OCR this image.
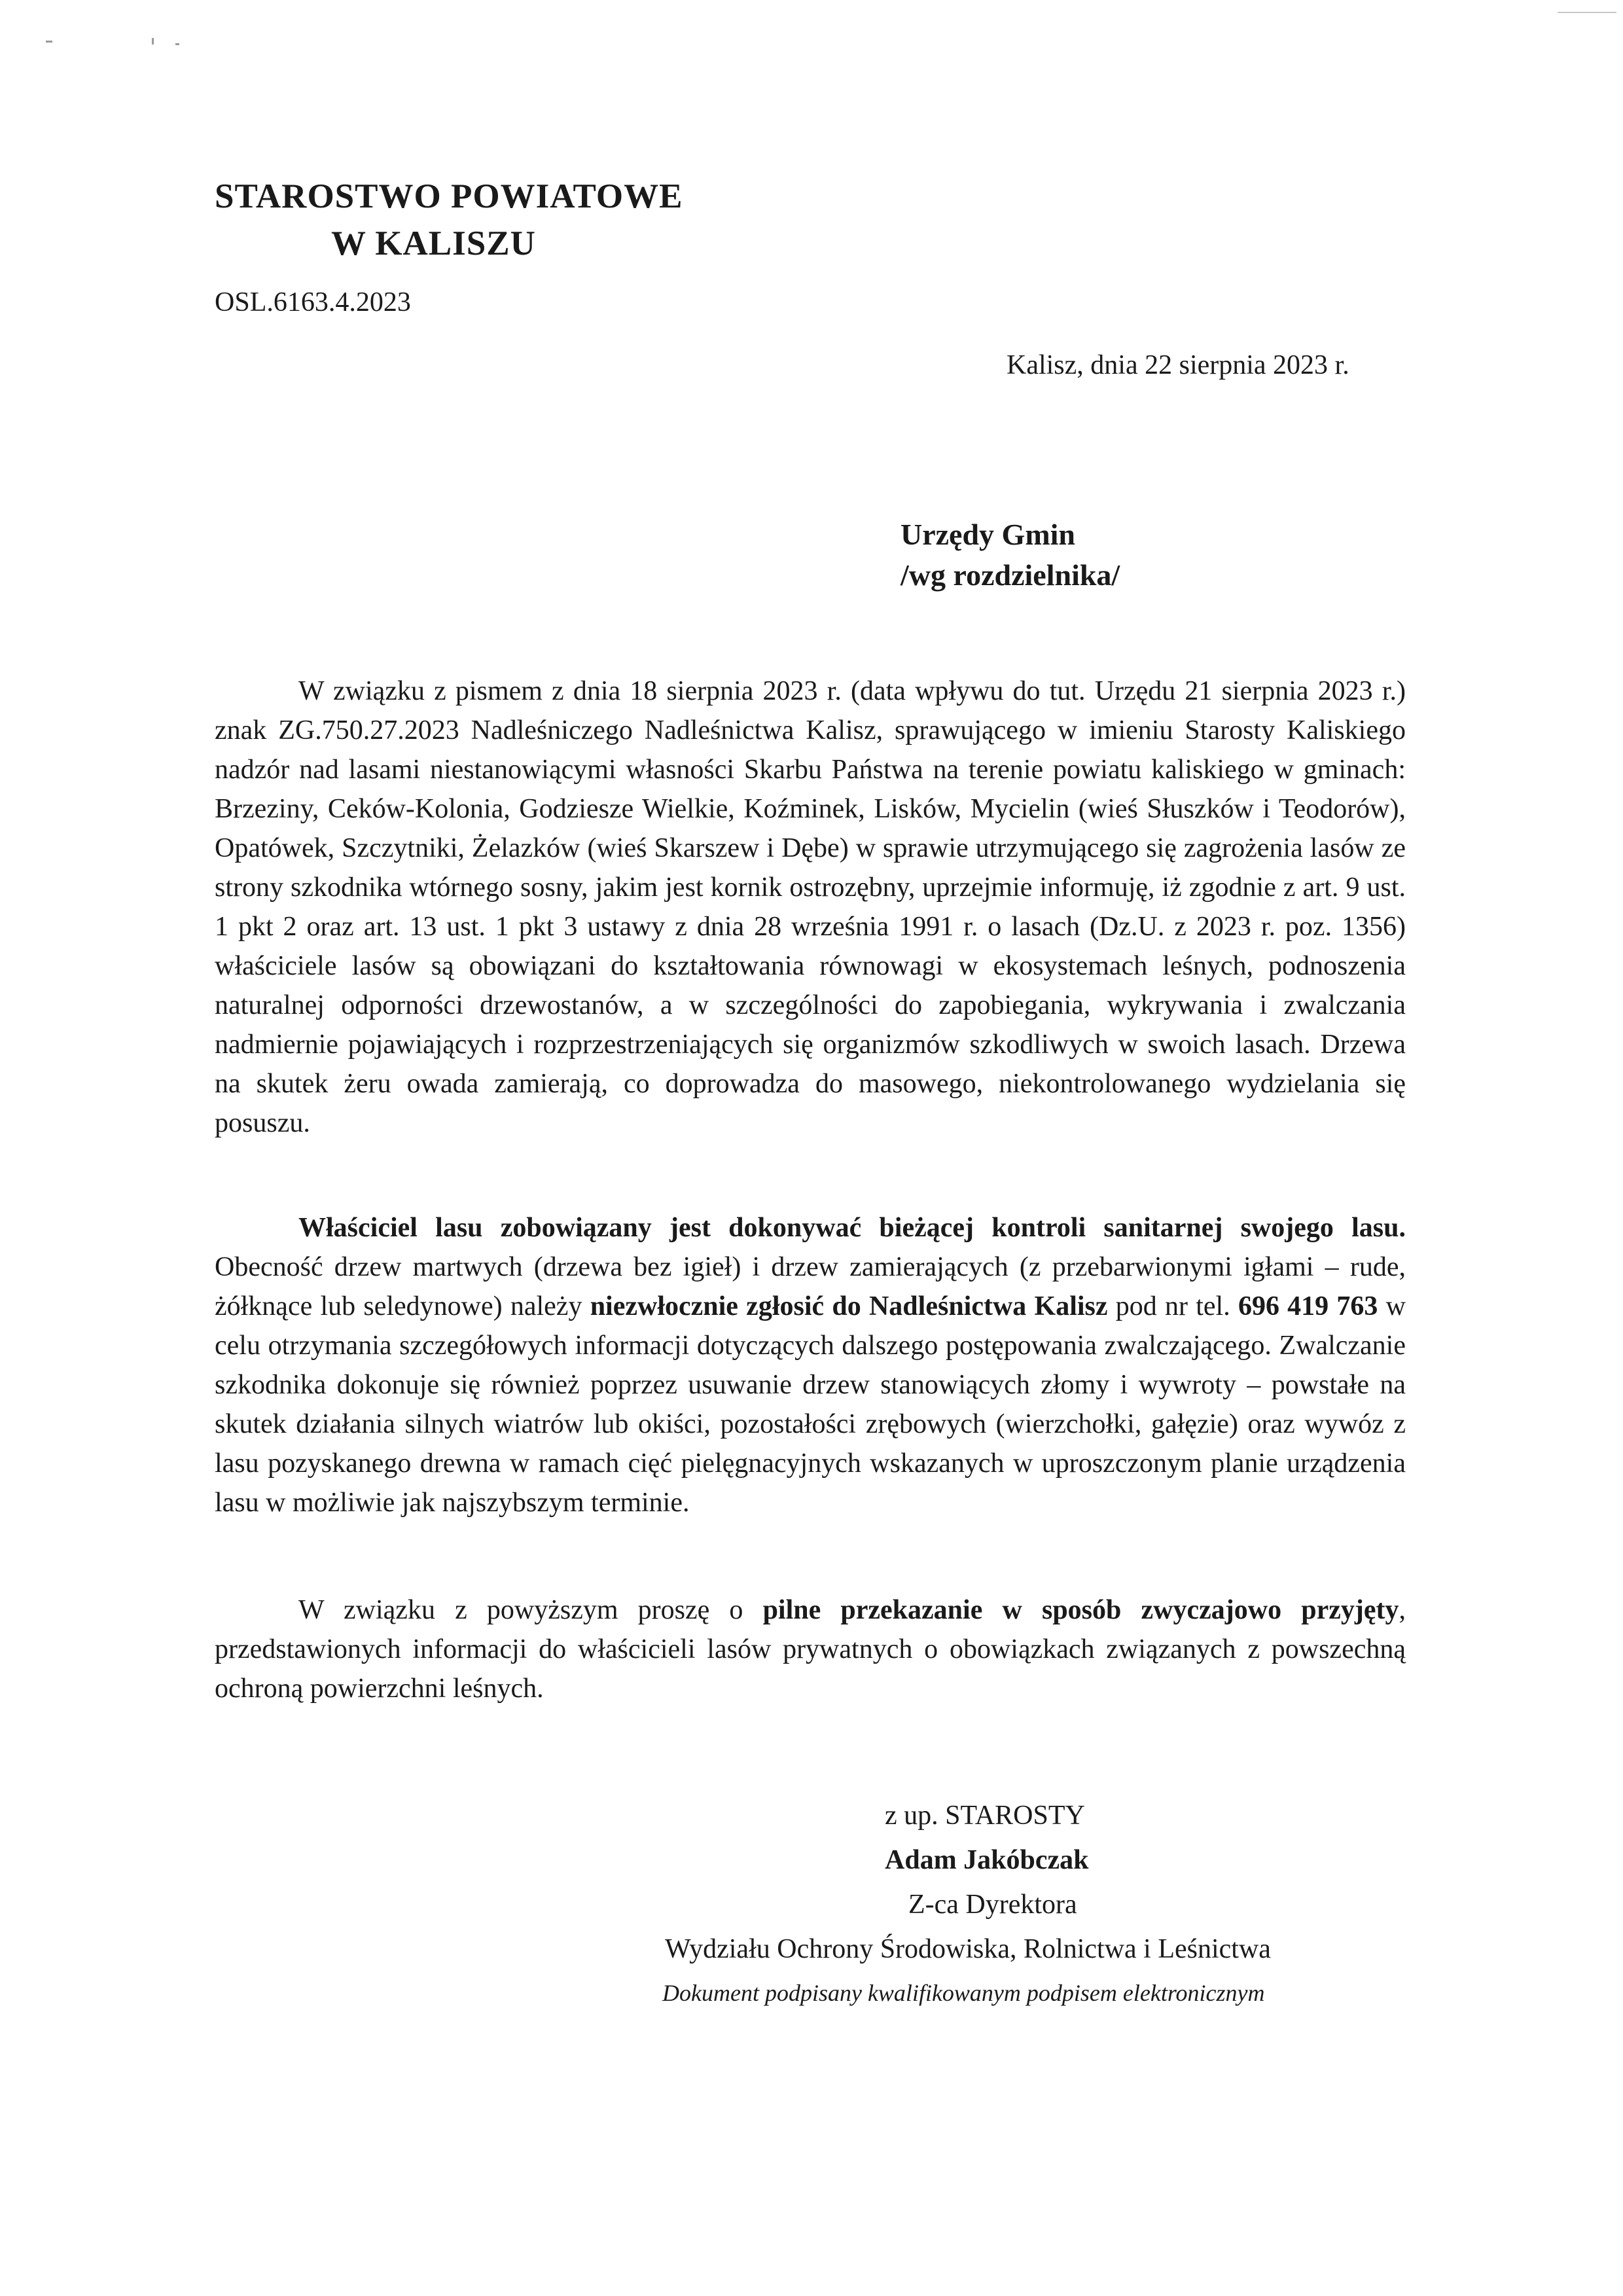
STAROSTWO POWIATOWE
W KALISZU
OSL.6163.4.2023
Kalisz, dnia 22 sierpnia 2023 r.
Urzędy Gmin
/wg rozdzielnika/

W związku z pismem z dnia 18 sierpnia 2023 r. (data wpływu do tut. Urzędu 21 sierpnia 2023 r.) znak ZG.750.27.2023 Nadleśniczego Nadleśnictwa Kalisz, sprawującego w imieniu Starosty Kaliskiego nadzór nad lasami niestanowiącymi własności Skarbu Państwa na terenie powiatu kaliskiego w gminach: Brzeziny, Ceków-Kolonia, Godziesze Wielkie, Koźminek, Lisków, Mycielin (wieś Słuszków i Teodorów), Opatówek, Szczytniki, Żelazków (wieś Skarszew i Dębe) w sprawie utrzymującego się zagrożenia lasów ze strony szkodnika wtórnego sosny, jakim jest kornik ostrozębny, uprzejmie informuję, iż zgodnie z art. 9 ust. 1 pkt 2 oraz art. 13 ust. 1 pkt 3 ustawy z dnia 28 września 1991 r. o lasach (Dz.U. z 2023 r. poz. 1356) właściciele lasów są obowiązani do kształtowania równowagi w ekosystemach leśnych, podnoszenia naturalnej odporności drzewostanów, a w szczególności do zapobiegania, wykrywania i zwalczania nadmiernie pojawiających i rozprzestrzeniających się organizmów szkodliwych w swoich lasach. Drzewa na skutek żeru owada zamierają, co doprowadza do masowego, niekontrolowanego wydzielania się posuszu.

Właściciel lasu zobowiązany jest dokonywać bieżącej kontroli sanitarnej swojego lasu. Obecność drzew martwych (drzewa bez igieł) i drzew zamierających (z przebarwionymi igłami – rude, żółknące lub seledynowe) należy niezwłocznie zgłosić do Nadleśnictwa Kalisz pod nr tel. 696 419 763 w celu otrzymania szczegółowych informacji dotyczących dalszego postępowania zwalczającego. Zwalczanie szkodnika dokonuje się również poprzez usuwanie drzew stanowiących złomy i wywroty – powstałe na skutek działania silnych wiatrów lub okiści, pozostałości zrębowych (wierzchołki, gałęzie) oraz wywóz z lasu pozyskanego drewna w ramach cięć pielęgnacyjnych wskazanych w uproszczonym planie urządzenia lasu w możliwie jak najszybszym terminie.

W związku z powyższym proszę o pilne przekazanie w sposób zwyczajowo przyjęty, przedstawionych informacji do właścicieli lasów prywatnych o obowiązkach związanych z powszechną ochroną powierzchni leśnych.

z up. STAROSTY
Adam Jakóbczak
Z-ca Dyrektora
Wydziału Ochrony Środowiska, Rolnictwa i Leśnictwa
Dokument podpisany kwalifikowanym podpisem elektronicznym
